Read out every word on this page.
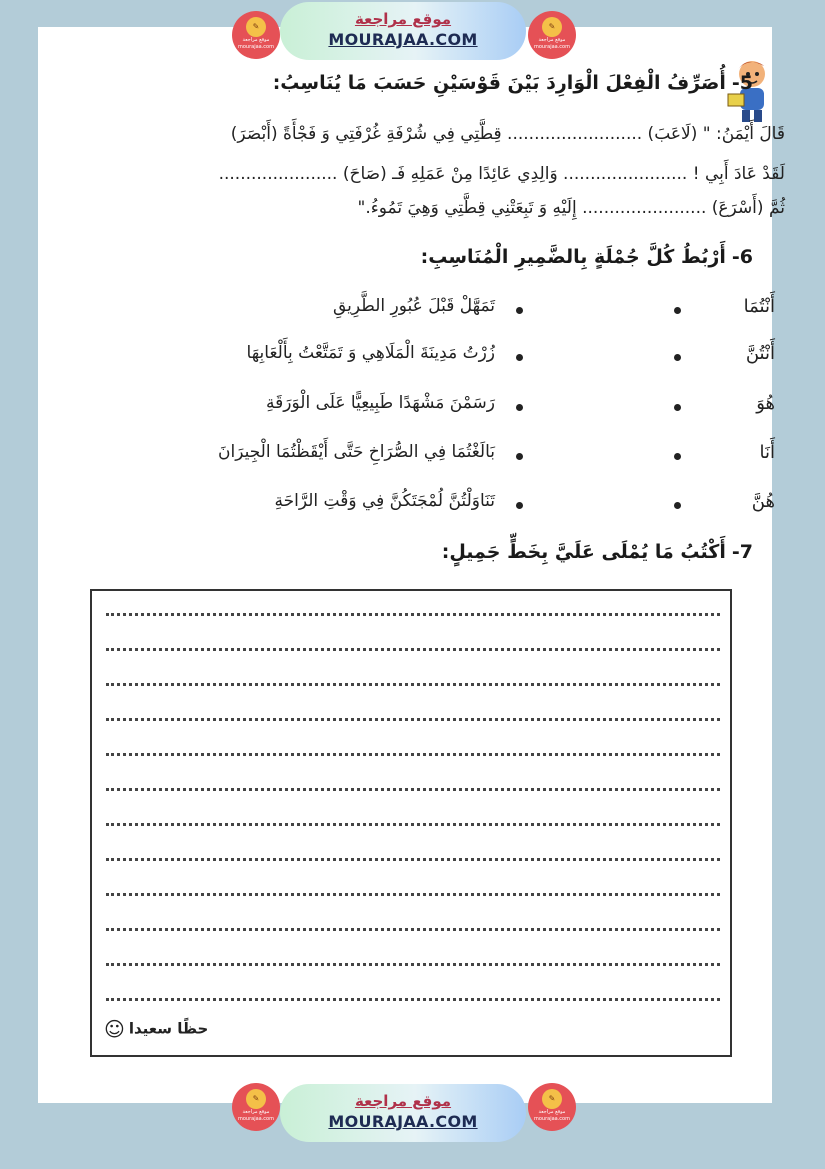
✎
موقع مراجعة mourajaa.com
موقع مراجعة
MOURAJAA.COM
✎
موقع مراجعة mourajaa.com
5-أُصَرِّفُ الْفِعْلَ الْوَارِدَ بَيْنَ قَوْسَيْنِ حَسَبَ مَا يُنَاسِبُ:
قَالَ أَيْمَنُ: " (لَاعَبَ) ......................... قِطَّتِي فِي شُرْفَةِ غُرْفَتِي وَ فَجْأَةً (أَبْصَرَ)
لَقَدْ عَادَ أَبِي ! ....................... وَالِدِي عَائِدًا مِنْ عَمَلِهِ فَـ (صَاحَ) ......................
ثُمَّ (أَسْرَعَ) ....................... إِلَيْهِ وَ تَبِعَتْنِي قِطَّتِي وَهِيَ تَمُوءُ."
6-أَرْبُطُ كُلَّ جُمْلَةٍ بِالضَّمِيرِ الْمُنَاسِبِ:
أَنْتُمَا
تَمَهَّلْ قَبْلَ عُبُورِ الطَّرِيقِ
أَنْتُنَّ
زُرْتُ مَدِينَةَ الْمَلَاهِي وَ تَمَتَّعْتُ بِأَلْعَابِهَا
هُوَ
رَسَمْنَ مَشْهَدًا طَبِيعِيًّا عَلَى الْوَرَقَةِ
أَنَا
بَالَغْتُمَا فِي الصُّرَاخِ حَتَّى أَيْقَظْتُمَا الْجِيرَانَ
هُنَّ
تَنَاوَلْتُنَّ لُمْجَتَكُنَّ فِي وَقْتِ الرَّاحَةِ
7-أَكْتُبُ مَا يُمْلَى عَلَيَّ بِخَطٍّ جَمِيلٍ:
☺ حظًا سعيدا
✎
موقع مراجعة mourajaa.com
موقع مراجعة
MOURAJAA.COM
✎
موقع مراجعة mourajaa.com
